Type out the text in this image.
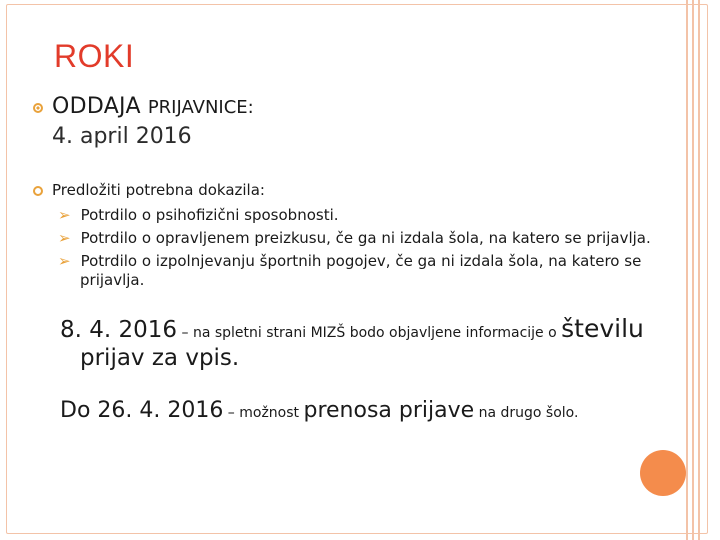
ROKI
ODDAJA PRIJAVNICE:
4. april 2016
Predložiti potrebna dokazila:
➢ Potrdilo o psihofizični sposobnosti.
➢ Potrdilo o opravljenem preizkusu, če ga ni izdala šola, na katero se prijavlja.
➢ Potrdilo o izpolnjevanju športnih pogojev, če ga ni izdala šola, na katero se
prijavlja.
8. 4. 2016 – na spletni strani MIZŠ bodo objavljene informacije o številu
prijav za vpis.
Do 26. 4. 2016 – možnost prenosa prijave na drugo šolo.
